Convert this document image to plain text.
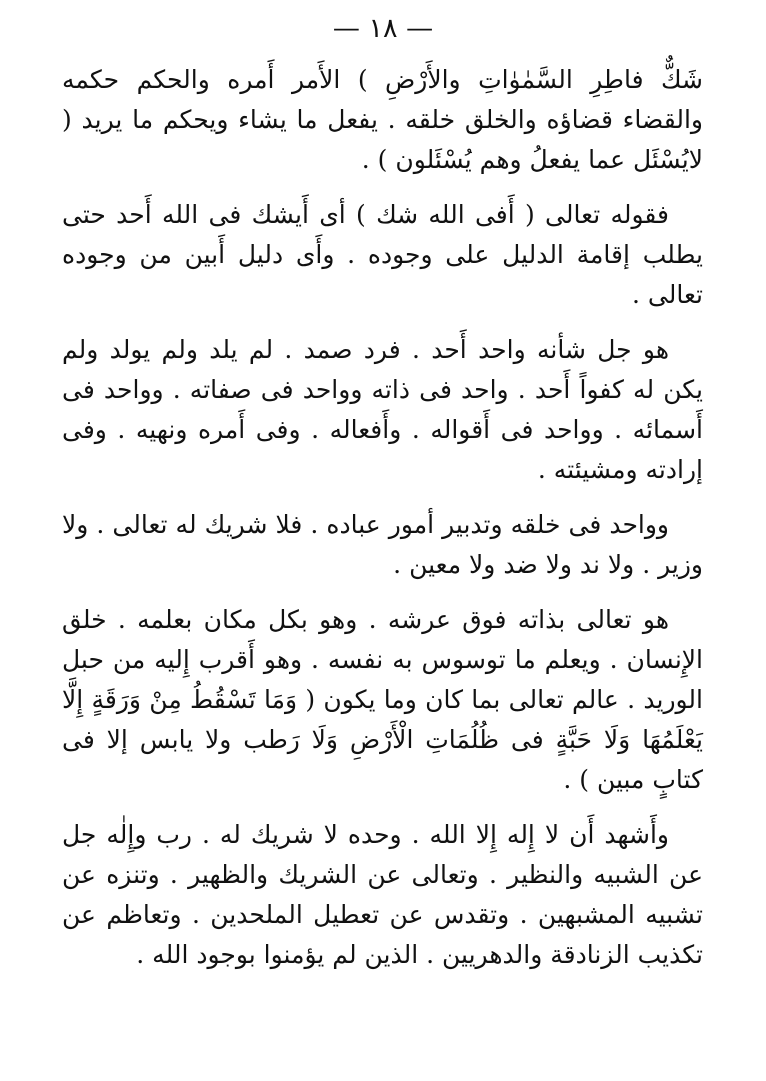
— ١٨ —

شَكٌّ فاطِرِ السَّمٰوٰاتِ والأَرْضِ ) الأَمر أَمره والحكم حكمه والقضاء قضاؤه والخلق خلقه . يفعل ما يشاء ويحكم ما يريد ( لايُسْئَل عما يفعلُ وهم يُسْئَلون ) .

فقوله تعالى ( أَفى الله شك ) أى أَيشك فى الله أَحد حتى يطلب إقامة الدليل على وجوده . وأَى دليل أَبين من وجوده تعالى .

هو جل شأنه واحد أَحد . فرد صمد . لم يلد ولم يولد ولم يكن له كفواً أَحد . واحد فى ذاته وواحد فى صفاته . وواحد فى أَسمائه . وواحد فى أَقواله . وأَفعاله . وفى أَمره ونهيه . وفى إرادته ومشيئته .

وواحد فى خلقه وتدبير أمور عباده . فلا شريك له تعالى . ولا وزير . ولا ند ولا ضد ولا معين .

هو تعالى بذاته فوق عرشه . وهو بكل مكان بعلمه . خلق الإِنسان . ويعلم ما توسوس به نفسه . وهو أَقرب إِليه من حبل الوريد . عالم تعالى بما كان وما يكون ( وَمَا تَسْقُطُ مِنْ وَرَقَةٍ إِلَّا يَعْلَمُهَا وَلَا حَبَّةٍ فى ظُلُمَاتِ الْأَرْضِ وَلَا رَطب ولا يابس إلا فى كتابٍ مبين ) .

وأَشهد أَن لا إِله إِلا الله . وحده لا شريك له . رب وإِلٰه جل عن الشبيه والنظير . وتعالى عن الشريك والظهير . وتنزه عن تشبيه المشبهين . وتقدس عن تعطيل الملحدين . وتعاظم عن تكذيب الزنادقة والدهريين . الذين لم يؤمنوا بوجود الله .
